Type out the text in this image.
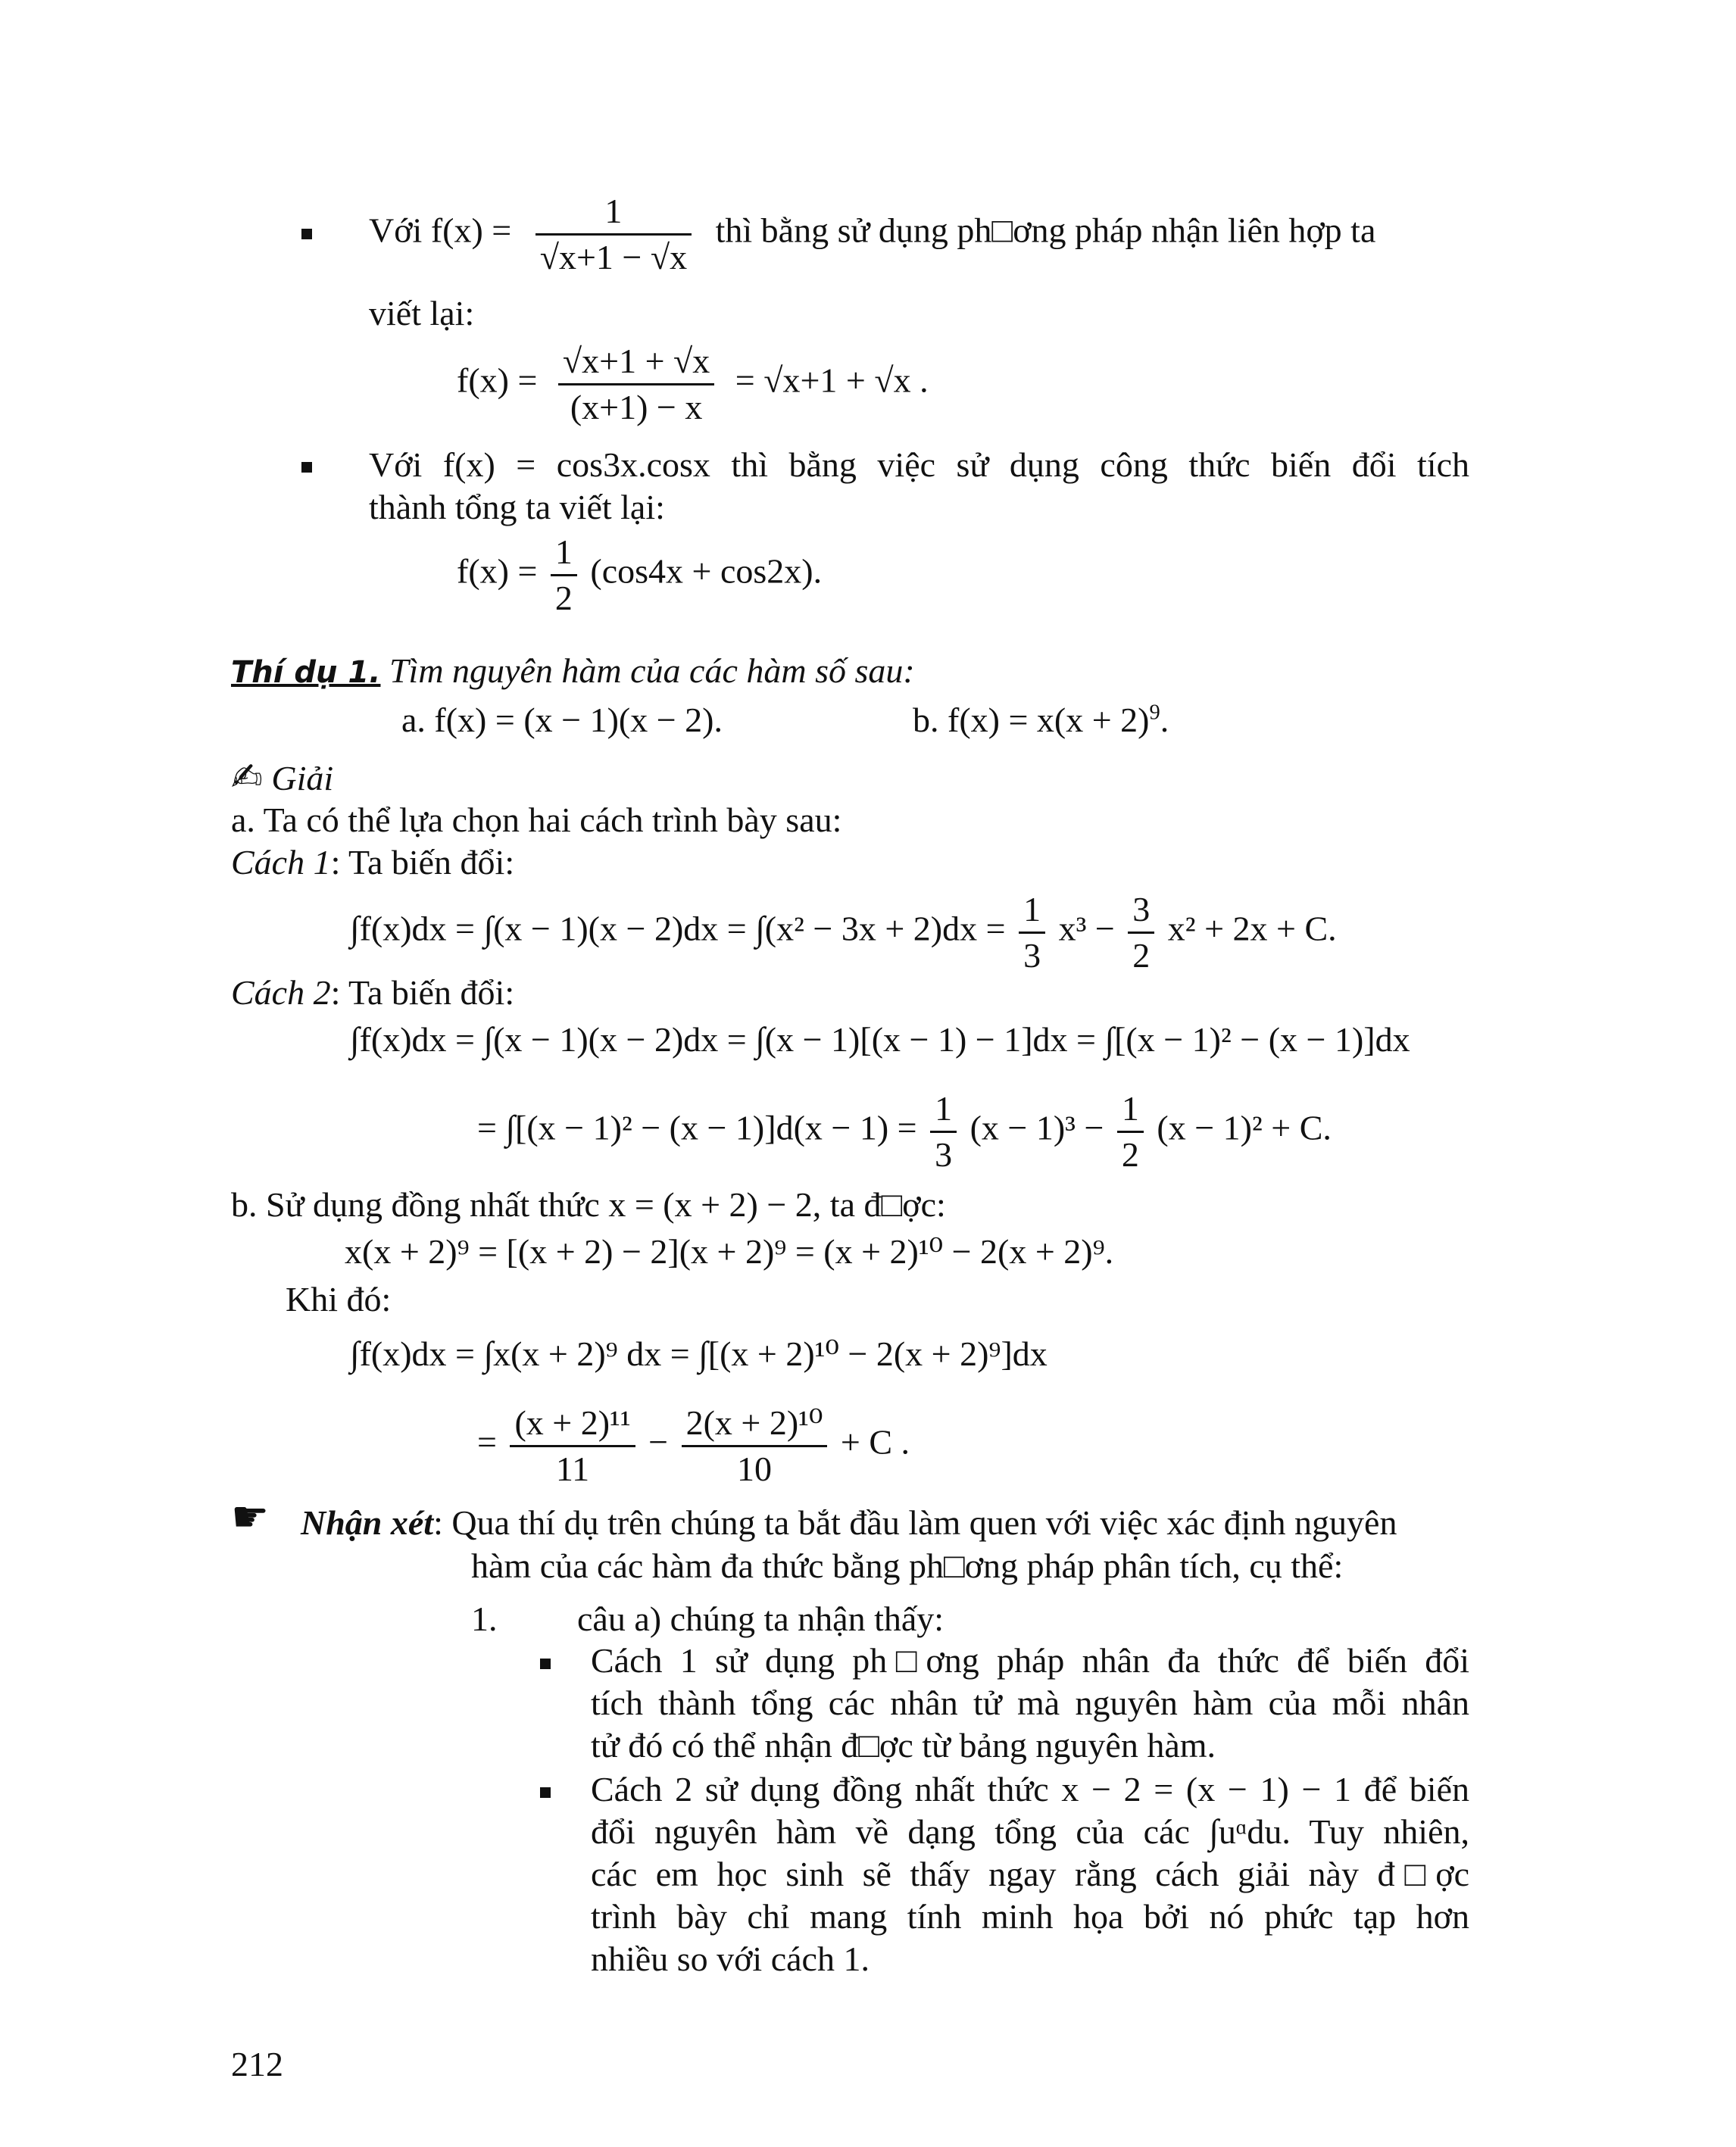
Với $f(x) = \frac{1}{√x+1 - √x}$ thì bằng sử dụng ph□ơng pháp nhận liên hợp ta
viết lại:
$f(x) = \frac{√x+1 + √x}{(x+1) - x} = √x+1 + √x$ .
Với f(x) = cos3x.cosx thì bằng việc sử dụng công thức biến đổi tích
thành tổng ta viết lại:
$f(x) = \frac{1}{2} (\cos 4x + \cos 2x)$.
Thí dụ 1. Tìm nguyên hàm của các hàm số sau:
a. f(x) = (x − 1)(x − 2).	b. $f(x) = x(x + 2)^9$.
✍ Giải
a. Ta có thể lựa chọn hai cách trình bày sau:
Cách 1: Ta biến đổi:
$\int f(x)dx = \int(x - 1)(x - 2)dx = \int(x^2 - 3x + 2)dx = \frac{1}{3} x^3 - \frac{3}{2} x^2 + 2x + C$.
Cách 2: Ta biến đổi:
∫f(x)dx = ∫(x − 1)(x − 2)dx = ∫(x − 1)[(x − 1) − 1]dx = ∫[(x − 1)² − (x − 1)]dx
= $\int[(x - 1)^2 - (x - 1)]d(x - 1) = \frac{1}{3} (x - 1)^3 - \frac{1}{2} (x - 1)^2 + C$.
b. Sử dụng đồng nhất thức x = (x + 2) − 2, ta đ□ợc:
x(x + 2)⁹ = [(x + 2) − 2](x + 2)⁹ = (x + 2)¹⁰ − 2(x + 2)⁹.
Khi đó:
∫f(x)dx = ∫x(x + 2)⁹ dx = ∫[(x + 2)¹⁰ − 2(x + 2)⁹]dx
= $\frac{\text{(x + 2)¹¹}}{11} - \frac{\text{2(x + 2)¹⁰}}{10} + C$ .
☛ Nhận xét: Qua thí dụ trên chúng ta bắt đầu làm quen với việc xác định nguyên
hàm của các hàm đa thức bằng ph□ơng pháp phân tích, cụ thể:
1. câu a) chúng ta nhận thấy:
Cách 1 sử dụng ph□ơng pháp nhân đa thức để biến đổi
tích thành tổng các nhân tử mà nguyên hàm của mỗi nhân
tử đó có thể nhận đ□ợc từ bảng nguyên hàm.
Cách 2 sử dụng đồng nhất thức x − 2 = (x − 1) − 1 để biến
đổi nguyên hàm về dạng tổng của các ∫uᵅdu. Tuy nhiên,
các em học sinh sẽ thấy ngay rằng cách giải này đ□ợc
trình bày chỉ mang tính minh họa bởi nó phức tạp hơn
nhiều so với cách 1.
212
